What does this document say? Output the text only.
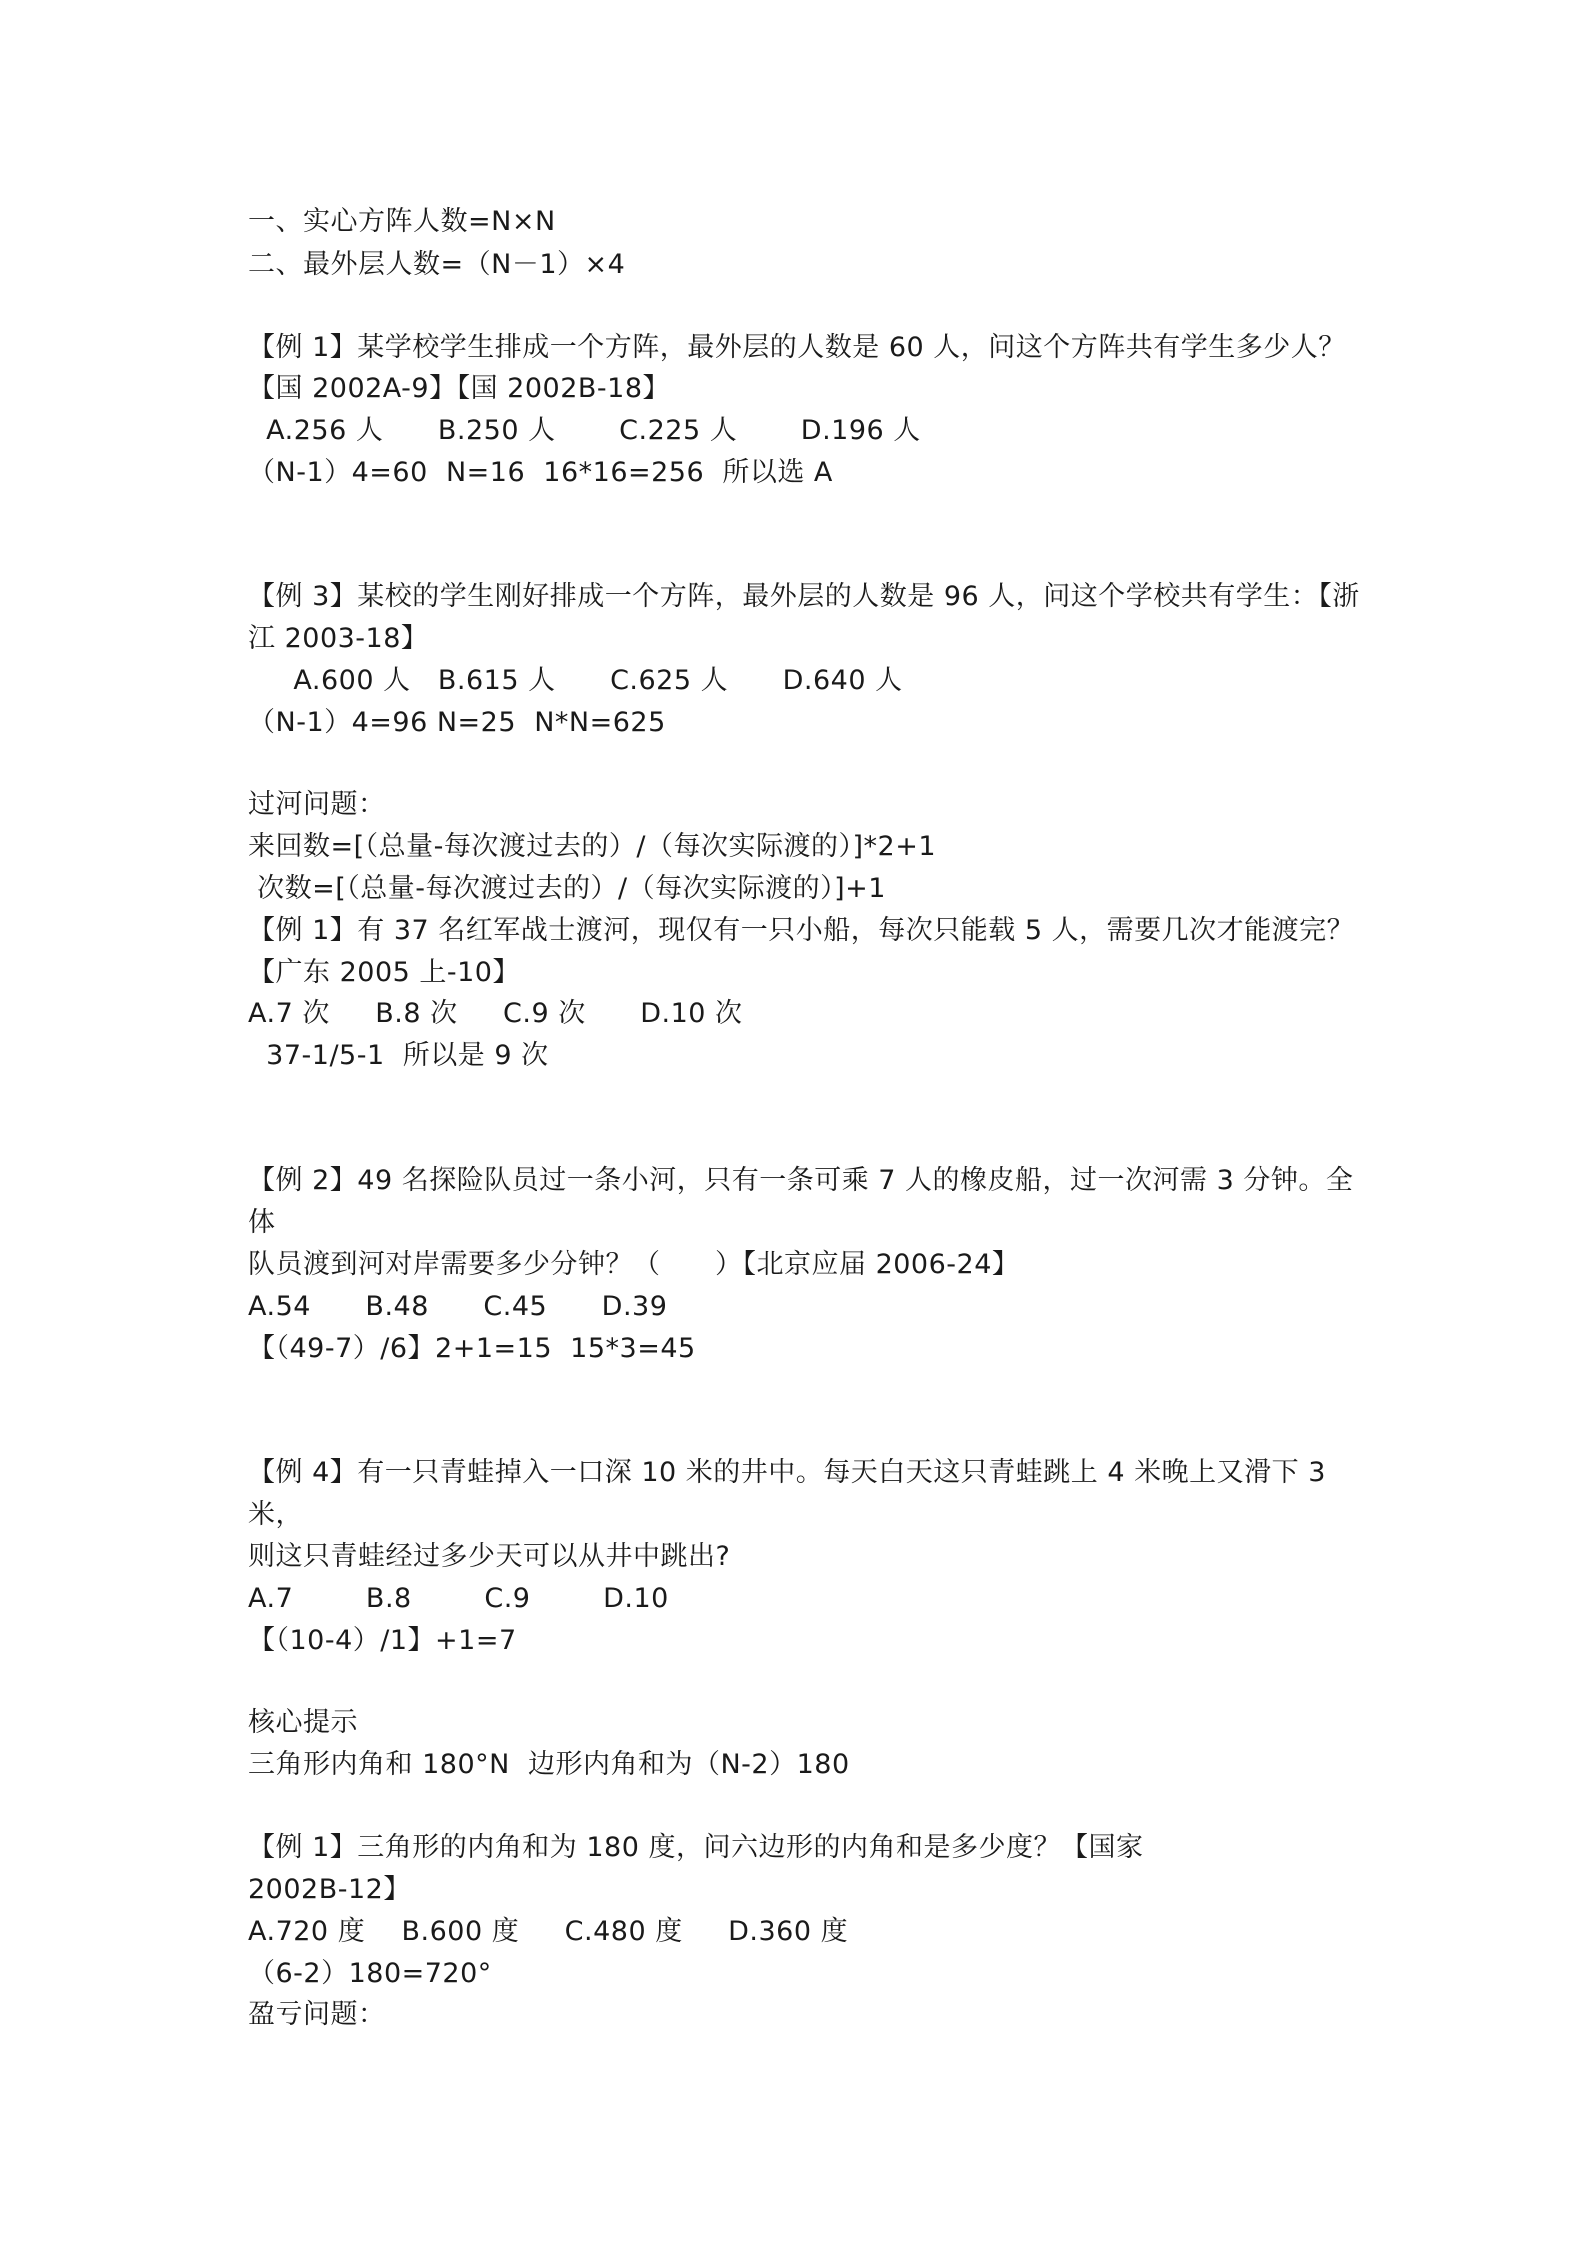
一、实心方阵人数=N×N
二、最外层人数=（N－1）×4
【例 1】某学校学生排成一个方阵，最外层的人数是 60 人，问这个方阵共有学生多少人？
【国 2002A-9】【国 2002B-18】
A.256 人      B.250 人       C.225 人       D.196 人
（N-1）4=60  N=16  16*16=256  所以选 A
【例 3】某校的学生刚好排成一个方阵，最外层的人数是 96 人，问这个学校共有学生：【浙
江 2003-18】
A.600 人   B.615 人      C.625 人      D.640 人
（N-1）4=96 N=25  N*N=625
过河问题：
来回数=[（总量-每次渡过去的）/（每次实际渡的）]*2+1
次数=[（总量-每次渡过去的）/（每次实际渡的）]+1
【例 1】有 37 名红军战士渡河，现仅有一只小船，每次只能载 5 人，需要几次才能渡完？
【广东 2005 上-10】
A.7 次     B.8 次     C.9 次      D.10 次
37-1/5-1  所以是 9 次
【例 2】49 名探险队员过一条小河，只有一条可乘 7 人的橡皮船，过一次河需 3 分钟。全
体
队员渡到河对岸需要多少分钟？（      ）【北京应届 2006-24】
A.54      B.48      C.45      D.39
【（49-7）/6】2+1=15  15*3=45
【例 4】有一只青蛙掉入一口深 10 米的井中。每天白天这只青蛙跳上 4 米晚上又滑下 3
米，
则这只青蛙经过多少天可以从井中跳出?
A.7        B.8        C.9        D.10
【（10-4）/1】+1=7
核心提示
三角形内角和 180°N  边形内角和为（N-2）180
【例 1】三角形的内角和为 180 度，问六边形的内角和是多少度？【国家
2002B-12】
A.720 度    B.600 度     C.480 度     D.360 度
（6-2）180=720°
盈亏问题：
